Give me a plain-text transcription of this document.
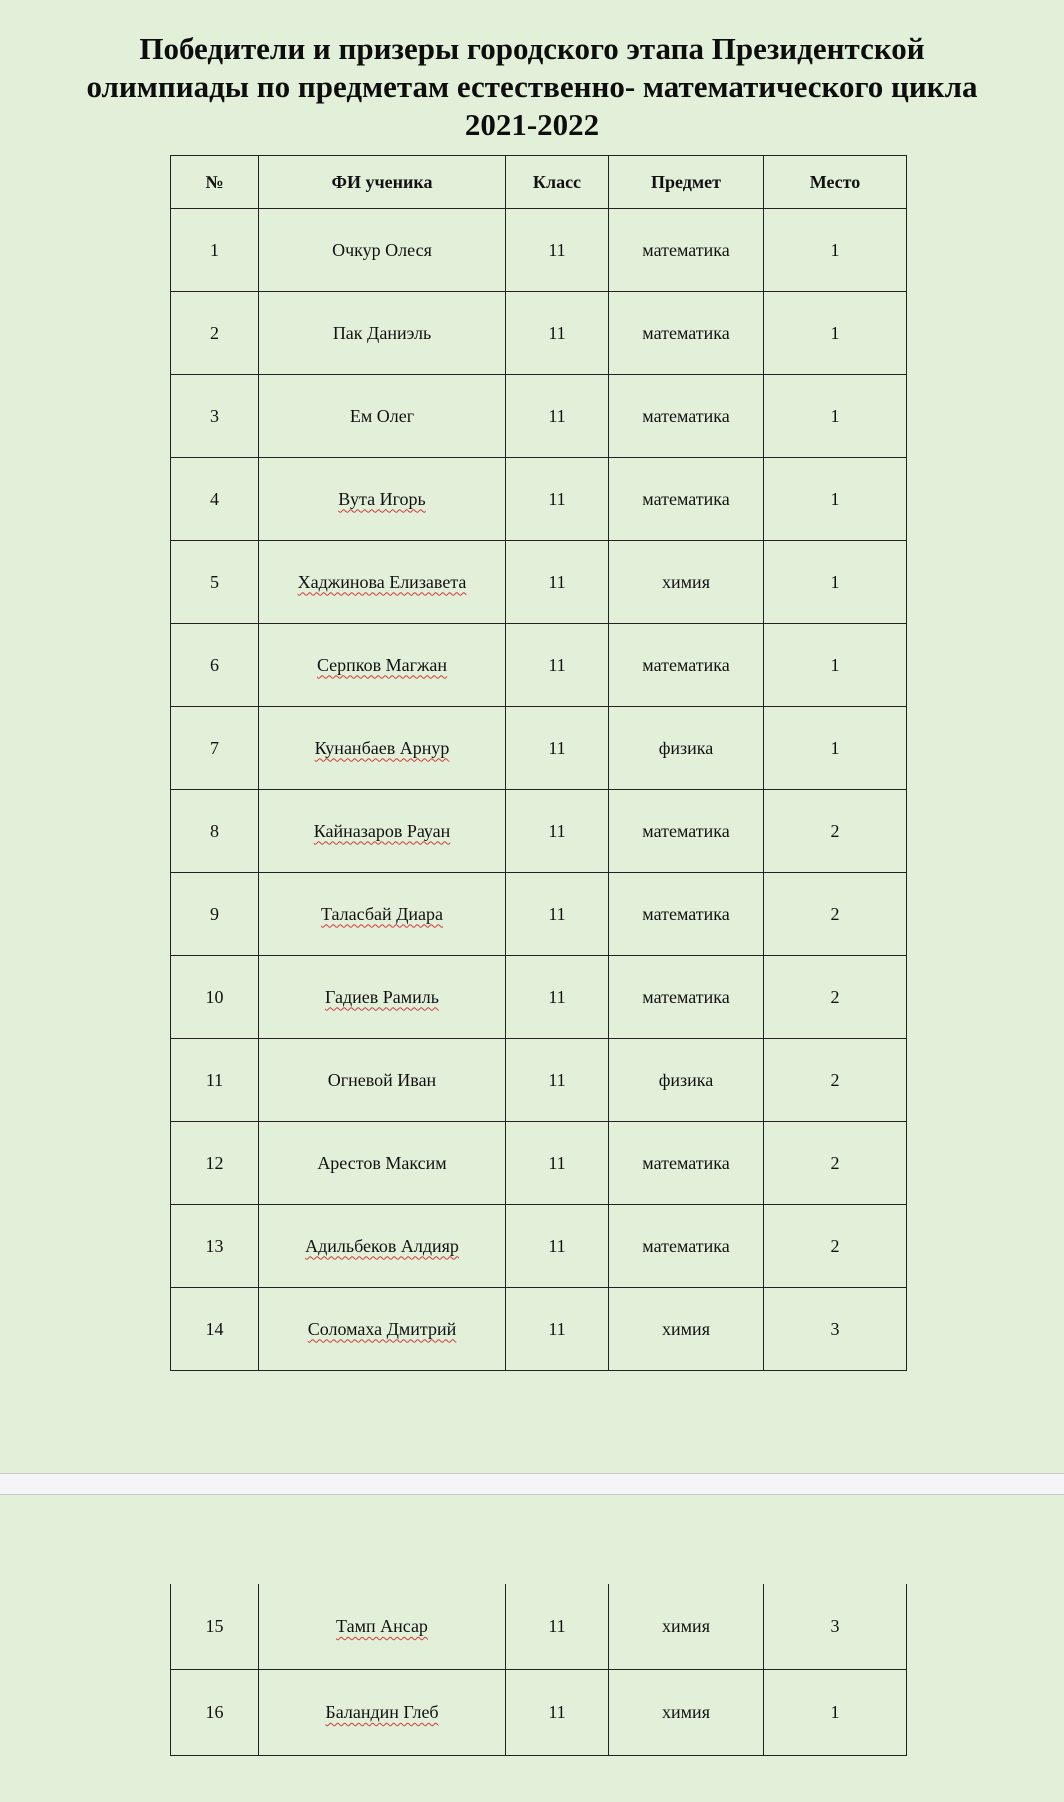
Победители и призеры городского этапа Президентской
олимпиады по предметам естественно- математического цикла
2021-2022
№	ФИ ученика	Класс	Предмет	Место
1	Очкур Олеся	11	математика	1
2	Пак Даниэль	11	математика	1
3	Ем Олег	11	математика	1
4	Вута Игорь	11	математика	1
5	Хаджинова Елизавета	11	химия	1
6	Серпков Магжан	11	математика	1
7	Кунанбаев Арнур	11	физика	1
8	Кайназаров Рауан	11	математика	2
9	Таласбай Диара	11	математика	2
10	Гадиев Рамиль	11	математика	2
11	Огневой Иван	11	физика	2
12	Арестов Максим	11	математика	2
13	Адильбеков Алдияр	11	математика	2
14	Соломаха Дмитрий	11	химия	3
15	Тамп Ансар	11	химия	3
16	Баландин Глеб	11	химия	1
